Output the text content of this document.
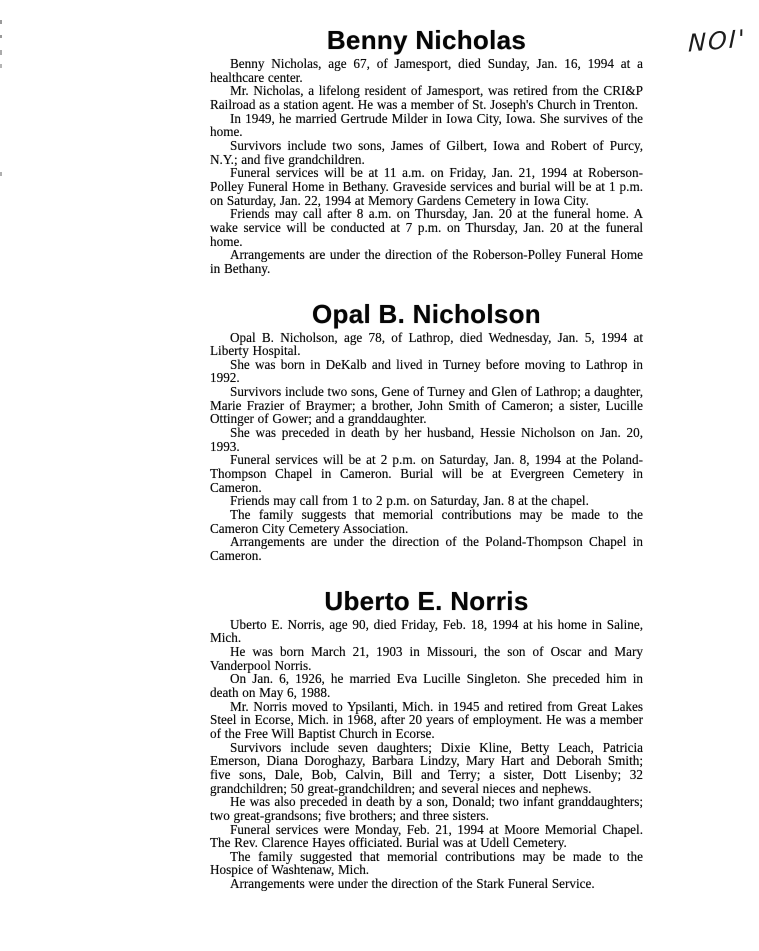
NOI'
Benny Nicholas

Benny Nicholas, age 67, of Jamesport, died Sunday, Jan. 16, 1994 at a healthcare center.

Mr. Nicholas, a lifelong resident of Jamesport, was retired from the CRI&P Railroad as a station agent. He was a member of St. Joseph's Church in Trenton.

In 1949, he married Gertrude Milder in Iowa City, Iowa. She survives of the home.

Survivors include two sons, James of Gilbert, Iowa and Robert of Purcy, N.Y.; and five grandchildren.

Funeral services will be at 11 a.m. on Friday, Jan. 21, 1994 at Roberson-Polley Funeral Home in Bethany. Graveside services and burial will be at 1 p.m. on Saturday, Jan. 22, 1994 at Memory Gardens Cemetery in Iowa City.

Friends may call after 8 a.m. on Thursday, Jan. 20 at the funeral home. A wake service will be conducted at 7 p.m. on Thursday, Jan. 20 at the funeral home.

Arrangements are under the direction of the Roberson-Polley Funeral Home in Bethany.

Opal B. Nicholson

Opal B. Nicholson, age 78, of Lathrop, died Wednesday, Jan. 5, 1994 at Liberty Hospital.

She was born in DeKalb and lived in Turney before moving to Lathrop in 1992.

Survivors include two sons, Gene of Turney and Glen of Lathrop; a daughter, Marie Frazier of Braymer; a brother, John Smith of Cameron; a sister, Lucille Ottinger of Gower; and a granddaughter.

She was preceded in death by her husband, Hessie Nicholson on Jan. 20, 1993.

Funeral services will be at 2 p.m. on Saturday, Jan. 8, 1994 at the Poland-Thompson Chapel in Cameron. Burial will be at Evergreen Cemetery in Cameron.

Friends may call from 1 to 2 p.m. on Saturday, Jan. 8 at the chapel.

The family suggests that memorial contributions may be made to the Cameron City Cemetery Association.

Arrangements are under the direction of the Poland-Thompson Chapel in Cameron.

Uberto E. Norris

Uberto E. Norris, age 90, died Friday, Feb. 18, 1994 at his home in Saline, Mich.

He was born March 21, 1903 in Missouri, the son of Oscar and Mary Vanderpool Norris.

On Jan. 6, 1926, he married Eva Lucille Singleton. She preceded him in death on May 6, 1988.

Mr. Norris moved to Ypsilanti, Mich. in 1945 and retired from Great Lakes Steel in Ecorse, Mich. in 1968, after 20 years of employment. He was a member of the Free Will Baptist Church in Ecorse.

Survivors include seven daughters; Dixie Kline, Betty Leach, Patricia Emerson, Diana Doroghazy, Barbara Lindzy, Mary Hart and Deborah Smith; five sons, Dale, Bob, Calvin, Bill and Terry; a sister, Dott Lisenby; 32 grandchildren; 50 great-grandchildren; and several nieces and nephews.

He was also preceded in death by a son, Donald; two infant granddaughters; two great-grandsons; five brothers; and three sisters.

Funeral services were Monday, Feb. 21, 1994 at Moore Memorial Chapel. The Rev. Clarence Hayes officiated. Burial was at Udell Cemetery.

The family suggested that memorial contributions may be made to the Hospice of Washtenaw, Mich.

Arrangements were under the direction of the Stark Funeral Service.
